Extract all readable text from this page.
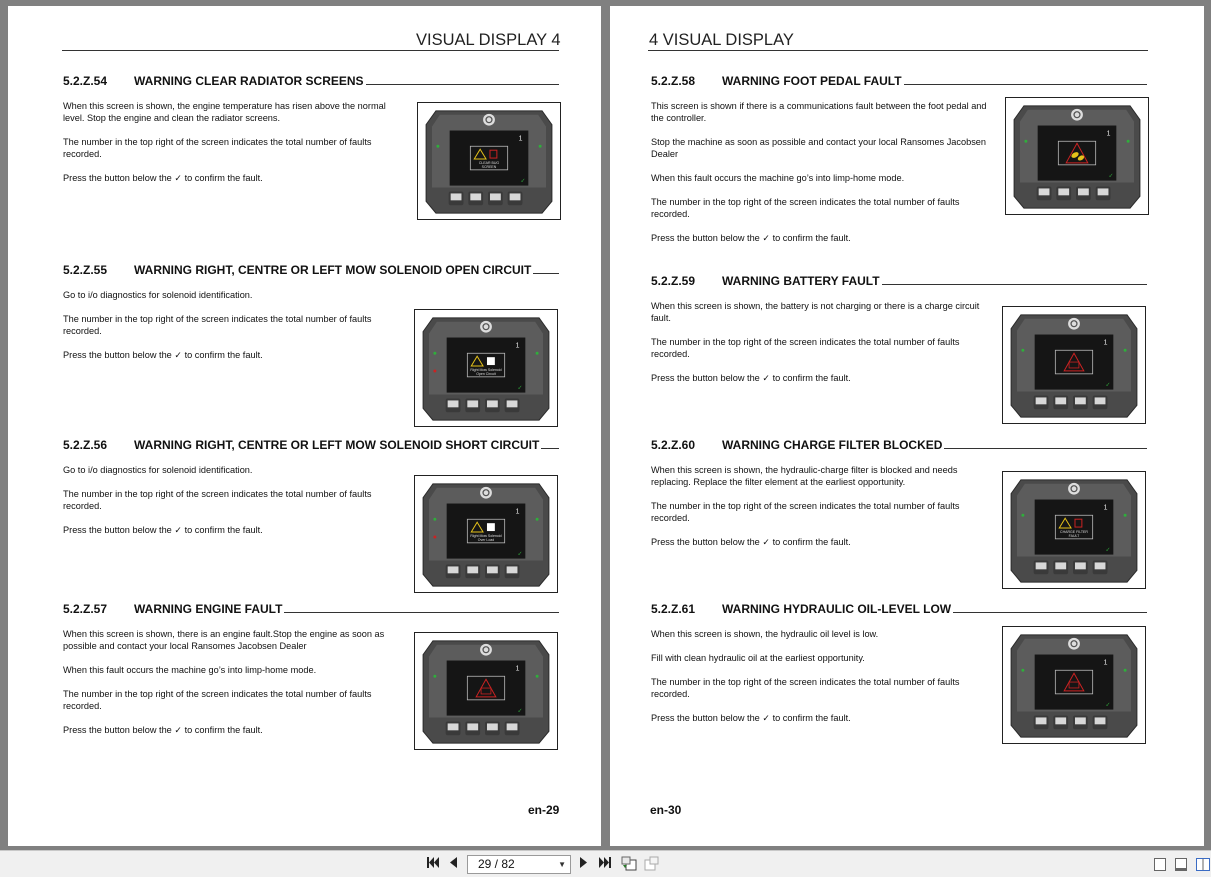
VISUAL DISPLAY 4
5.2.Z.54	WARNING CLEAR RADIATOR SCREENS

When this screen is shown, the engine temperature has risen above the normal level. Stop the engine and clean the radiator screens.

The number in the top right of the screen indicates the total number of faults recorded.

Press the button below the ✓ to confirm the fault.

1
✓
CLEAR BUG
SCREEN
5.2.Z.55	WARNING RIGHT, CENTRE OR LEFT MOW SOLENOID OPEN CIRCUIT

Go to i/o diagnostics for solenoid identification.

The number in the top right of the screen indicates the total number of faults recorded.

Press the button below the ✓ to confirm the fault.

1
✓
Right Mow Solenoid
Open Circuit
5.2.Z.56	WARNING RIGHT, CENTRE OR LEFT MOW SOLENOID SHORT CIRCUIT

Go to i/o diagnostics for solenoid identification.

The number in the top right of the screen indicates the total number of faults recorded.

Press the button below the ✓ to confirm the fault.

1
✓
Right Mow Solenoid
Over Load
5.2.Z.57	WARNING ENGINE FAULT

When this screen is shown, there is an engine fault.Stop the engine as soon as possible and contact your local Ransomes Jacobsen Dealer

When this fault occurs the machine go’s into limp-home mode.

The number in the top right of the screen indicates the total number of faults recorded.

Press the button below the ✓ to confirm the fault.

1
✓
en-29
4 VISUAL DISPLAY
5.2.Z.58	WARNING FOOT PEDAL FAULT

This screen is shown if there is a communications fault between the foot pedal and the controller.

Stop the machine as soon as possible and contact your local Ransomes Jacobsen Dealer

When this fault occurs the machine go’s into limp-home mode.

The number in the top right of the screen indicates the total number of faults recorded.

Press the button below the ✓ to confirm the fault.

1
✓
5.2.Z.59	WARNING BATTERY FAULT

When this screen is shown, the battery is not charging or there is a charge circuit fault.

The number in the top right of the screen indicates the total number of faults recorded.

Press the button below the ✓ to confirm the fault.

1
✓
5.2.Z.60	WARNING CHARGE FILTER BLOCKED

When this screen is shown, the hydraulic-charge filter is blocked and needs replacing. Replace the filter element at the earliest opportunity.

The number in the top right of the screen indicates the total number of faults recorded.

Press the button below the ✓ to confirm the fault.

1
✓
CHARGE FILTER
FAULT
5.2.Z.61	WARNING HYDRAULIC OIL-LEVEL LOW

When this screen is shown, the hydraulic oil level is low.

Fill with clean hydraulic oil at the earliest opportunity.

The number in the top right of the screen indicates the total number of faults recorded.

Press the button below the ✓ to confirm the fault.

1
✓
en-30
29 / 82	▼
